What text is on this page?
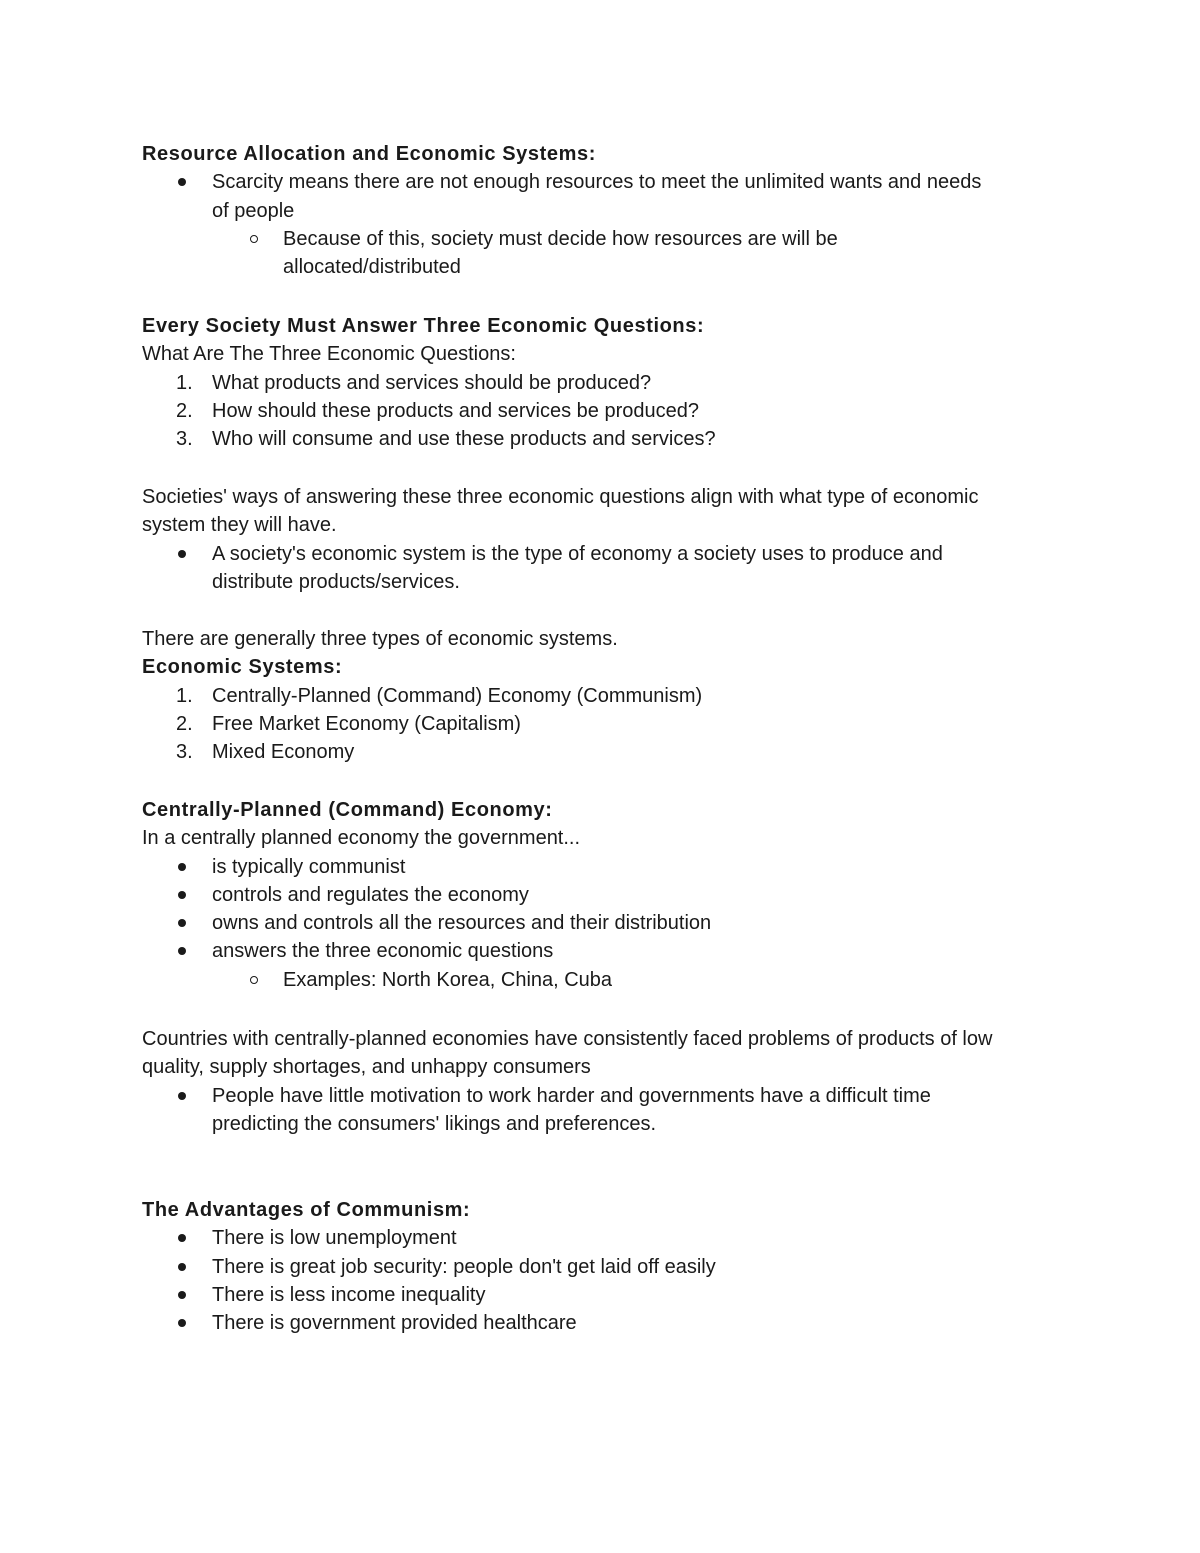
Resource Allocation and Economic Systems:
Scarcity means there are not enough resources to meet the unlimited wants and needs
of people
Because of this, society must decide how resources are will be
allocated/distributed
Every Society Must Answer Three Economic Questions:
What Are The Three Economic Questions:
1. What products and services should be produced?
2. How should these products and services be produced?
3. Who will consume and use these products and services?
Societies' ways of answering these three economic questions align with what type of economic
system they will have.
A society's economic system is the type of economy a society uses to produce and
distribute products/services.
There are generally three types of economic systems.
Economic Systems:
1. Centrally-Planned (Command) Economy (Communism)
2. Free Market Economy (Capitalism)
3. Mixed Economy
Centrally-Planned (Command) Economy:
In a centrally planned economy the government...
is typically communist
controls and regulates the economy
owns and controls all the resources and their distribution
answers the three economic questions
Examples: North Korea, China, Cuba
Countries with centrally-planned economies have consistently faced problems of products of low
quality, supply shortages, and unhappy consumers
People have little motivation to work harder and governments have a difficult time
predicting the consumers' likings and preferences.
The Advantages of Communism:
There is low unemployment
There is great job security: people don't get laid off easily
There is less income inequality
There is government provided healthcare
